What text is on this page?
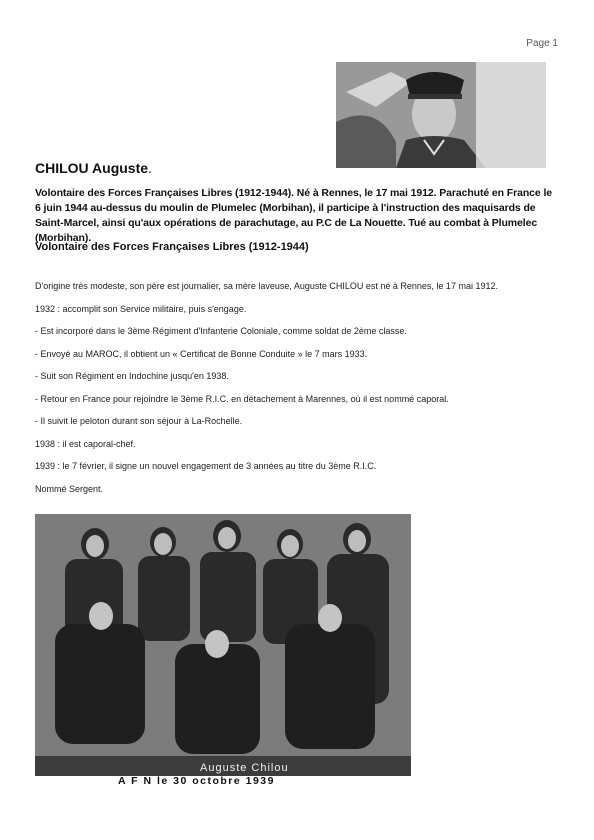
Page 1
CHILOU Auguste.
Volontaire des Forces Françaises Libres (1912-1944). Né à Rennes, le 17 mai 1912. Parachuté en France le 6 juin 1944 au-dessus du moulin de Plumelec (Morbihan), il participe à l'instruction des maquisards de Saint-Marcel, ainsi qu'aux opérations de parachutage, au P.C de La Nouette. Tué au combat à Plumelec (Morbihan).
Volontaire des Forces Françaises Libres (1912-1944)

D'origine très modeste, son père est journalier, sa mère laveuse, Auguste CHILOU est né à Rennes, le 17 mai 1912.

1932 : accomplit son Service militaire, puis s'engage.

- Est incorporé dans le 3ème Régiment d'Infanterie Coloniale, comme soldat de 2ème classe.

- Envoyé au MAROC, il obtient un « Certificat de Bonne Conduite » le 7 mars 1933.

- Suit son Régiment en Indochine jusqu'en 1938.

- Retour en France pour rejoindre le 3ème R.I.C. en détachement à Marennes, où il est nommé caporal.

- Il suivit le peloton durant son séjour à La-Rochelle.

1938 : il est caporal-chef.

1939 : le 7 février, il signe un nouvel engagement de 3 années au titre du 3ème R.I.C.

Nommé Sergent.

Auguste Chilou
A F N le 30 octobre 1939
